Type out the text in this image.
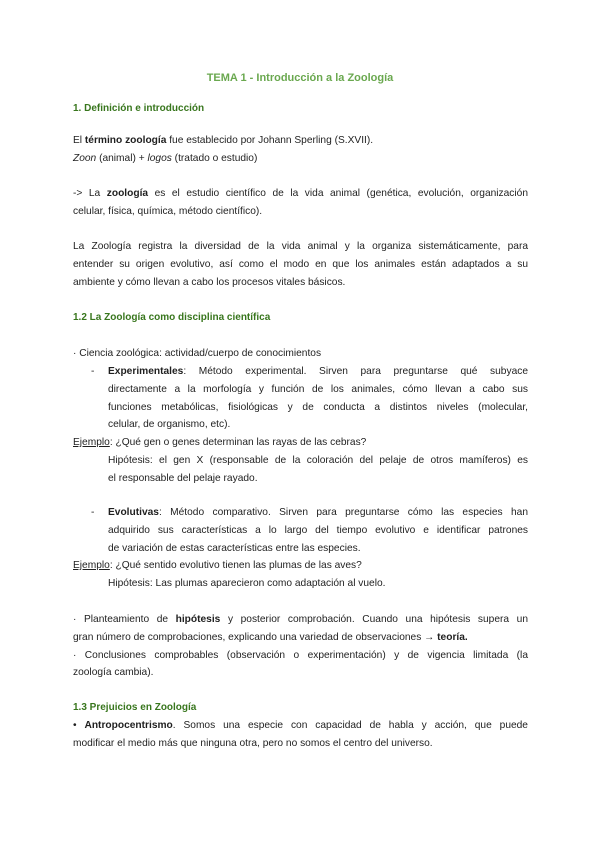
TEMA 1 - Introducción a la Zoología
1. Definición e introducción
El término zoología fue establecido por Johann Sperling (S.XVII).
Zoon (animal) + logos (tratado o estudio)
-> La zoología es el estudio científico de la vida animal (genética, evolución, organización
celular, física, química, método científico).
La Zoología registra la diversidad de la vida animal y la organiza sistemáticamente, para
entender su origen evolutivo, así como el modo en que los animales están adaptados a su
ambiente y cómo llevan a cabo los procesos vitales básicos.
1.2 La Zoología como disciplina científica
· Ciencia zoológica: actividad/cuerpo de conocimientos
- Experimentales: Método experimental. Sirven para preguntarse qué subyace
directamente a la morfología y función de los animales, cómo llevan a cabo sus
funciones metabólicas, fisiológicas y de conducta a distintos niveles (molecular,
celular, de organismo, etc).
Ejemplo: ¿Qué gen o genes determinan las rayas de las cebras?
Hipótesis: el gen X (responsable de la coloración del pelaje de otros mamíferos) es
el responsable del pelaje rayado.
- Evolutivas: Método comparativo. Sirven para preguntarse cómo las especies han
adquirido sus características a lo largo del tiempo evolutivo e identificar patrones
de variación de estas características entre las especies.
Ejemplo: ¿Qué sentido evolutivo tienen las plumas de las aves?
Hipótesis: Las plumas aparecieron como adaptación al vuelo.
· Planteamiento de hipótesis y posterior comprobación. Cuando una hipótesis supera un
gran número de comprobaciones, explicando una variedad de observaciones → teoría.
· Conclusiones comprobables (observación o experimentación) y de vigencia limitada (la
zoología cambia).
1.3 Prejuicios en Zoología
• Antropocentrismo. Somos una especie con capacidad de habla y acción, que puede
modificar el medio más que ninguna otra, pero no somos el centro del universo.
